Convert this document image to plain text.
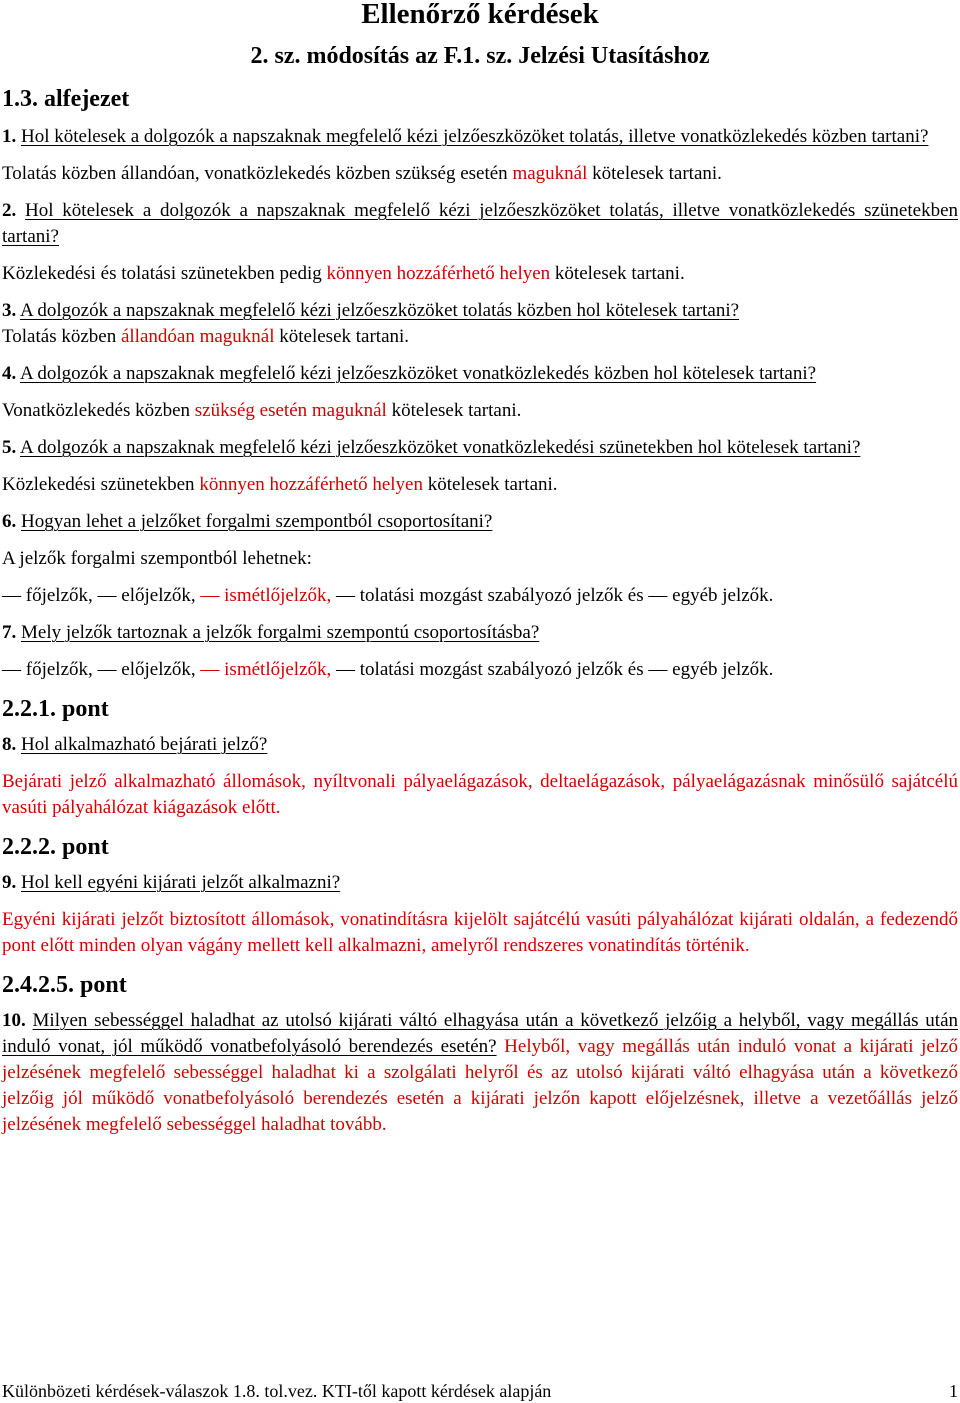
Ellenőrző kérdések
2. sz. módosítás az F.1. sz. Jelzési Utasításhoz
1.3. alfejezet

1. Hol kötelesek a dolgozók a napszaknak megfelelő kézi jelzőeszközöket tolatás, illetve vonatközlekedés közben tartani?

Tolatás közben állandóan, vonatközlekedés közben szükség esetén maguknál kötelesek tartani.

2. Hol kötelesek a dolgozók a napszaknak megfelelő kézi jelzőeszközöket tolatás, illetve vonatközlekedés szünetekben tartani?

Közlekedési és tolatási szünetekben pedig könnyen hozzáférhető helyen kötelesek tartani.

3. A dolgozók a napszaknak megfelelő kézi jelzőeszközöket tolatás közben hol kötelesek tartani?

Tolatás közben állandóan maguknál kötelesek tartani.

4. A dolgozók a napszaknak megfelelő kézi jelzőeszközöket vonatközlekedés közben hol kötelesek tartani?

Vonatközlekedés közben szükség esetén maguknál kötelesek tartani.

5. A dolgozók a napszaknak megfelelő kézi jelzőeszközöket vonatközlekedési szünetekben hol kötelesek tartani?

Közlekedési szünetekben könnyen hozzáférhető helyen kötelesek tartani.

6. Hogyan lehet a jelzőket forgalmi szempontból csoportosítani?

A jelzők forgalmi szempontból lehetnek:

— főjelzők, — előjelzők, — ismétlőjelzők, — tolatási mozgást szabályozó jelzők és — egyéb jelzők.

7. Mely jelzők tartoznak a jelzők forgalmi szempontú csoportosításba?

— főjelzők, — előjelzők, — ismétlőjelzők, — tolatási mozgást szabályozó jelzők és — egyéb jelzők.

2.2.1. pont

8. Hol alkalmazható bejárati jelző?

Bejárati jelző alkalmazható állomások, nyíltvonali pályaelágazások, deltaelágazások, pályaelágazásnak minősülő sajátcélú vasúti pályahálózat kiágazások előtt.

2.2.2. pont

9. Hol kell egyéni kijárati jelzőt alkalmazni?

Egyéni kijárati jelzőt biztosított állomások, vonatindításra kijelölt sajátcélú vasúti pályahálózat kijárati oldalán, a fedezendő pont előtt minden olyan vágány mellett kell alkalmazni, amelyről rendszeres vonatindítás történik.

2.4.2.5. pont

10. Milyen sebességgel haladhat az utolsó kijárati váltó elhagyása után a következő jelzőig a helyből, vagy megállás után induló vonat, jól működő vonatbefolyásoló berendezés esetén? Helyből, vagy megállás után induló vonat a kijárati jelző jelzésének megfelelő sebességgel haladhat ki a szolgálati helyről és az utolsó kijárati váltó elhagyása után a következő jelzőig jól működő vonatbefolyásoló berendezés esetén a kijárati jelzőn kapott előjelzésnek, illetve a vezetőállás jelző jelzésének megfelelő sebességgel haladhat tovább.

Különbözeti kérdések-válaszok 1.8. tol.vez. KTI-től kapott kérdések alapján	1
